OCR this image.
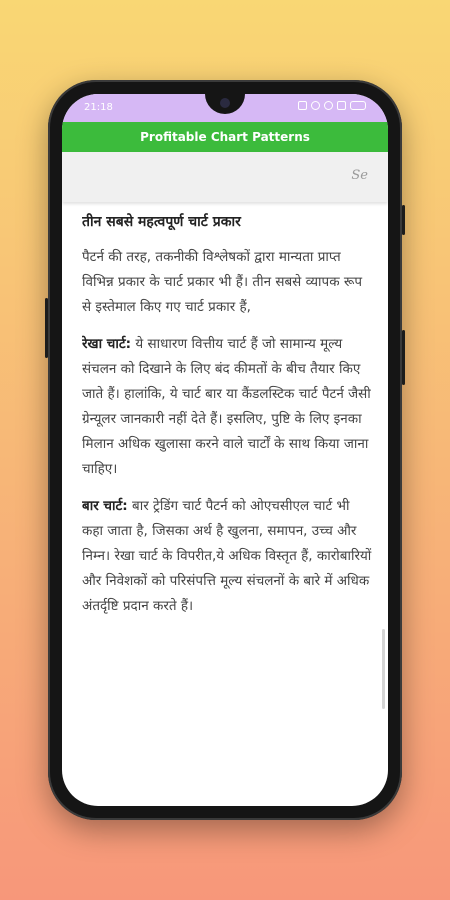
21:18
Profitable Chart Patterns
Se
तीन सबसे महत्वपूर्ण चार्ट प्रकार

पैटर्न की तरह, तकनीकी विश्लेषकों द्वारा मान्यता प्राप्त विभिन्न प्रकार के चार्ट प्रकार भी हैं। तीन सबसे व्यापक रूप से इस्तेमाल किए गए चार्ट प्रकार हैं,

रेखा चार्ट: ये साधारण वित्तीय चार्ट हैं जो सामान्य मूल्य संचलन को दिखाने के लिए बंद कीमतों के बीच तैयार किए जाते हैं। हालांकि, ये चार्ट बार या कैंडलस्टिक चार्ट पैटर्न जैसी ग्रेन्यूलर जानकारी नहीं देते हैं। इसलिए, पुष्टि के लिए इनका मिलान अधिक खुलासा करने वाले चार्टों के साथ किया जाना चाहिए।

बार चार्ट: बार ट्रेडिंग चार्ट पैटर्न को ओएचसीएल चार्ट भी कहा जाता है, जिसका अर्थ है खुलना, समापन, उच्च और निम्न। रेखा चार्ट के विपरीत,ये अधिक विस्तृत हैं, कारोबारियों और निवेशकों को परिसंपत्ति मूल्य संचलनों के बारे में अधिक अंतर्दृष्टि प्रदान करते हैं।
